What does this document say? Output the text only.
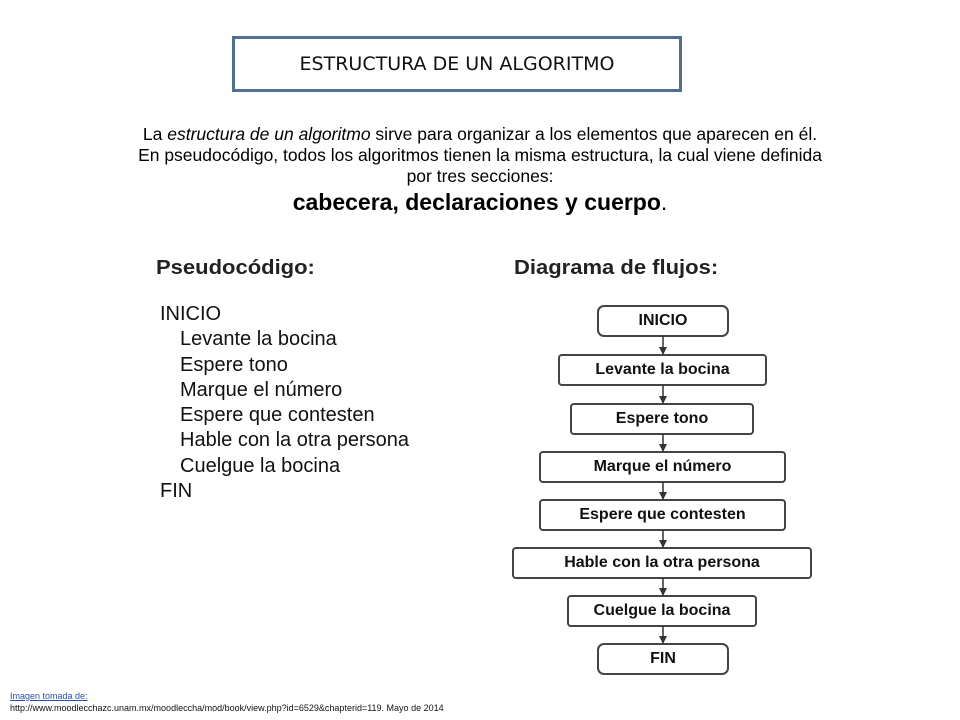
ESTRUCTURA DE UN ALGORITMO

La estructura de un algoritmo sirve para organizar a los elementos que aparecen en él.

En pseudocódigo, todos los algoritmos tienen la misma estructura, la cual viene definida

por tres secciones:

cabecera, declaraciones y cuerpo.

Pseudocódigo:
INICIO
Levante la bocina
Espere tono
Marque el número
Espere que contesten
Hable con la otra persona
Cuelgue la bocina
FIN
Diagrama de flujos:
INICIO
Levante la bocina
Espere tono
Marque el número
Espere que contesten
Hable con la otra persona
Cuelgue la bocina
FIN
Imagen tomada de:
http://www.moodlecchazc.unam.mx/moodleccha/mod/book/view.php?id=6529&chapterid=119. Mayo de 2014
